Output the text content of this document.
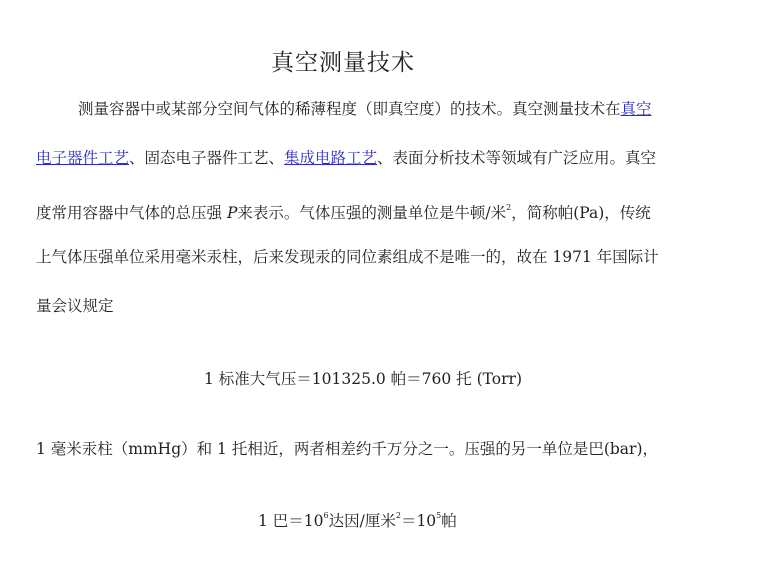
真空测量技术
测量容器中或某部分空间气体的稀薄程度（即真空度）的技术。真空测量技术在真空
电子器件工艺、固态电子器件工艺、集成电路工艺、表面分析技术等领域有广泛应用。真空
度常用容器中气体的总压强 P来表示。气体压强的测量单位是牛顿/米$^2$，简称帕(Pa)，传统
上气体压强单位采用毫米汞柱，后来发现汞的同位素组成不是唯一的，故在 1971 年国际计
量会议规定
1 标准大气压＝101325.0 帕＝760 托 (Torr)
1 毫米汞柱（mmHg）和 1 托相近，两者相差约千万分之一。压强的另一单位是巴(bar)，
1 巴$=10^6$达因/厘米$^2=10^5$帕
